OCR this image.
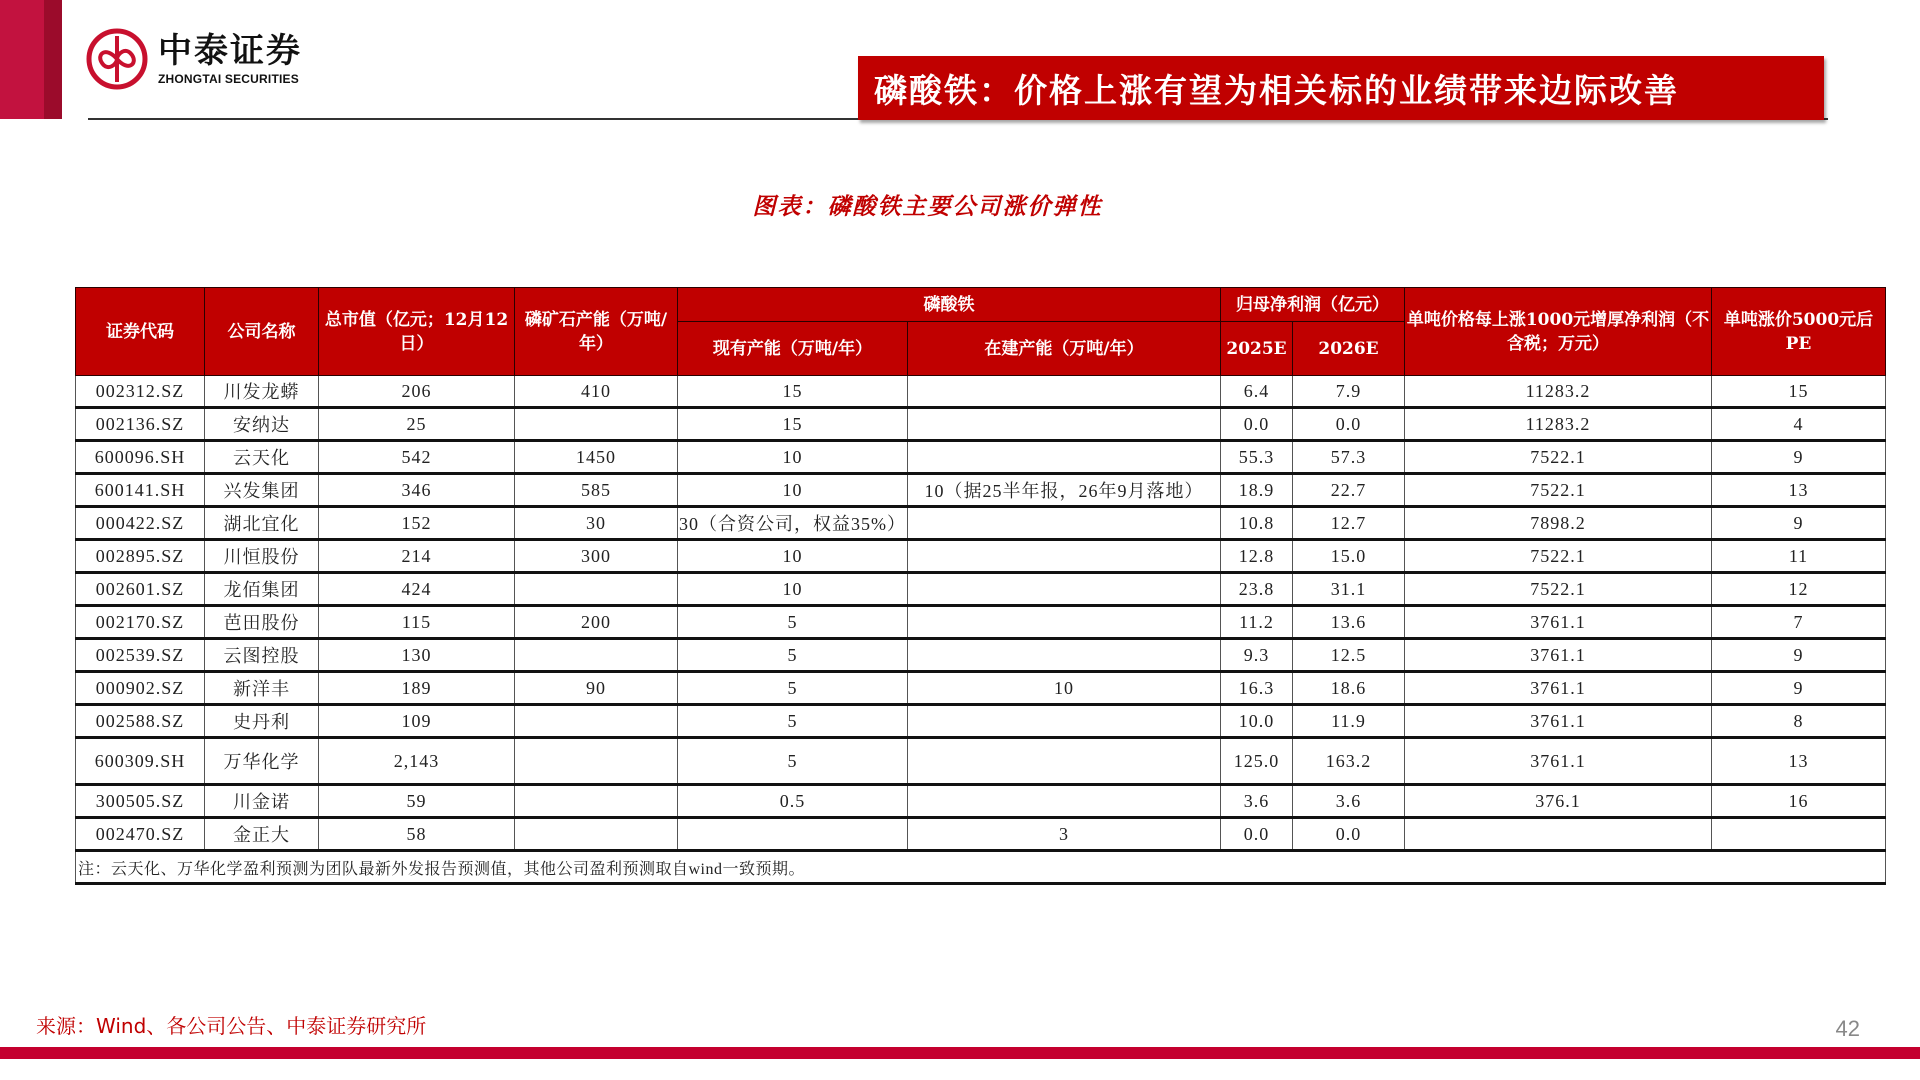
中泰证券
ZHONGTAI SECURITIES	磷酸铁：价格上涨有望为相关标的业绩带来边际改善
图表：磷酸铁主要公司涨价弹性
证券代码	公司名称	总市值（亿元；12月12日）	磷矿石产能（万吨/年）	磷酸铁		归母净利润（亿元）		单吨价格每上涨1000元增厚净利润（不含税；万元）	单吨涨价5000元后PE
				现有产能（万吨/年）	在建产能（万吨/年）	2025E	2026E		
002312.SZ	川发龙蟒	206	410	15		6.4	7.9	11283.2	15
002136.SZ	安纳达	25		15		0.0	0.0	11283.2	4
600096.SH	云天化	542	1450	10		55.3	57.3	7522.1	9
600141.SH	兴发集团	346	585	10	10（据25半年报，26年9月落地）	18.9	22.7	7522.1	13
000422.SZ	湖北宜化	152	30	30（合资公司，权益35%）		10.8	12.7	7898.2	9
002895.SZ	川恒股份	214	300	10		12.8	15.0	7522.1	11
002601.SZ	龙佰集团	424		10		23.8	31.1	7522.1	12
002170.SZ	芭田股份	115	200	5		11.2	13.6	3761.1	7
002539.SZ	云图控股	130		5		9.3	12.5	3761.1	9
000902.SZ	新洋丰	189	90	5	10	16.3	18.6	3761.1	9
002588.SZ	史丹利	109		5		10.0	11.9	3761.1	8
600309.SH	万华化学	2,143		5		125.0	163.2	3761.1	13
300505.SZ	川金诺	59		0.5		3.6	3.6	376.1	16
002470.SZ	金正大	58			3	0.0	0.0		
注：云天化、万华化学盈利预测为团队最新外发报告预测值，其他公司盈利预测取自wind一致预期。									
来源：Wind、各公司公告、中泰证券研究所	42
